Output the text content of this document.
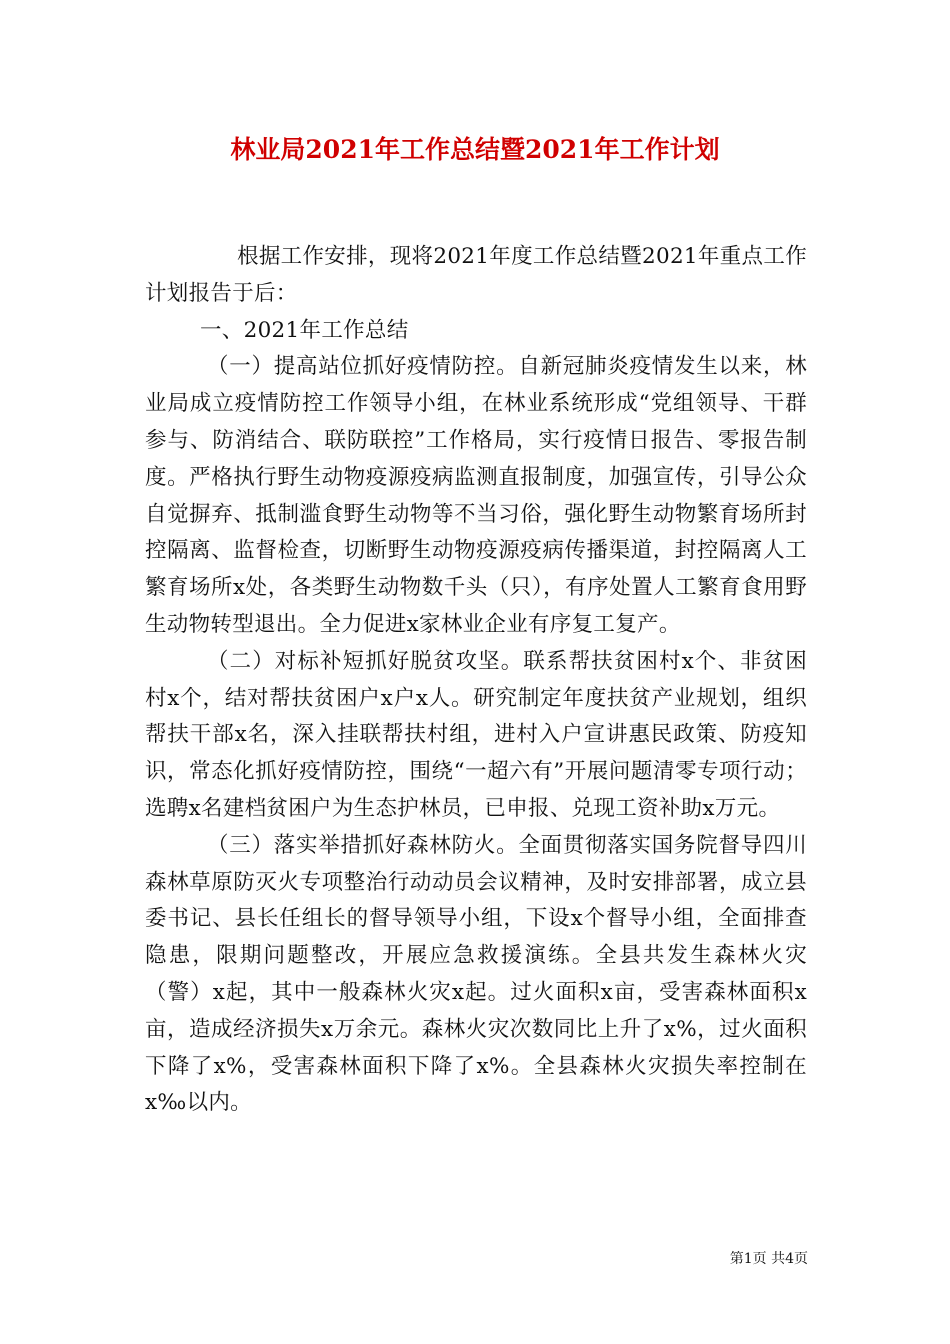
林业局2021年工作总结暨2021年工作计划

根据工作安排，现将2021年度工作总结暨2021年重点工作计划报告于后：

一、2021年工作总结

（一）提高站位抓好疫情防控。自新冠肺炎疫情发生以来，林业局成立疫情防控工作领导小组，在林业系统形成“党组领导、干群参与、防消结合、联防联控”工作格局，实行疫情日报告、零报告制度。严格执行野生动物疫源疫病监测直报制度，加强宣传，引导公众自觉摒弃、抵制滥食野生动物等不当习俗，强化野生动物繁育场所封控隔离、监督检查，切断野生动物疫源疫病传播渠道，封控隔离人工繁育场所x处，各类野生动物数千头（只），有序处置人工繁育食用野生动物转型退出。全力促进x家林业企业有序复工复产。

（二）对标补短抓好脱贫攻坚。联系帮扶贫困村x个、非贫困村x个，结对帮扶贫困户x户x人。研究制定年度扶贫产业规划，组织帮扶干部x名，深入挂联帮扶村组，进村入户宣讲惠民政策、防疫知识，常态化抓好疫情防控，围绕“一超六有”开展问题清零专项行动；选聘x名建档贫困户为生态护林员，已申报、兑现工资补助x万元。

（三）落实举措抓好森林防火。全面贯彻落实国务院督导四川森林草原防灭火专项整治行动动员会议精神，及时安排部署，成立县委书记、县长任组长的督导领导小组，下设x个督导小组，全面排查隐患，限期问题整改，开展应急救援演练。全县共发生森林火灾（警）x起，其中一般森林火灾x起。过火面积x亩，受害森林面积x亩，造成经济损失x万余元。森林火灾次数同比上升了x%，过火面积下降了x%，受害森林面积下降了x%。全县森林火灾损失率控制在x‰以内。

第1页 共4页
